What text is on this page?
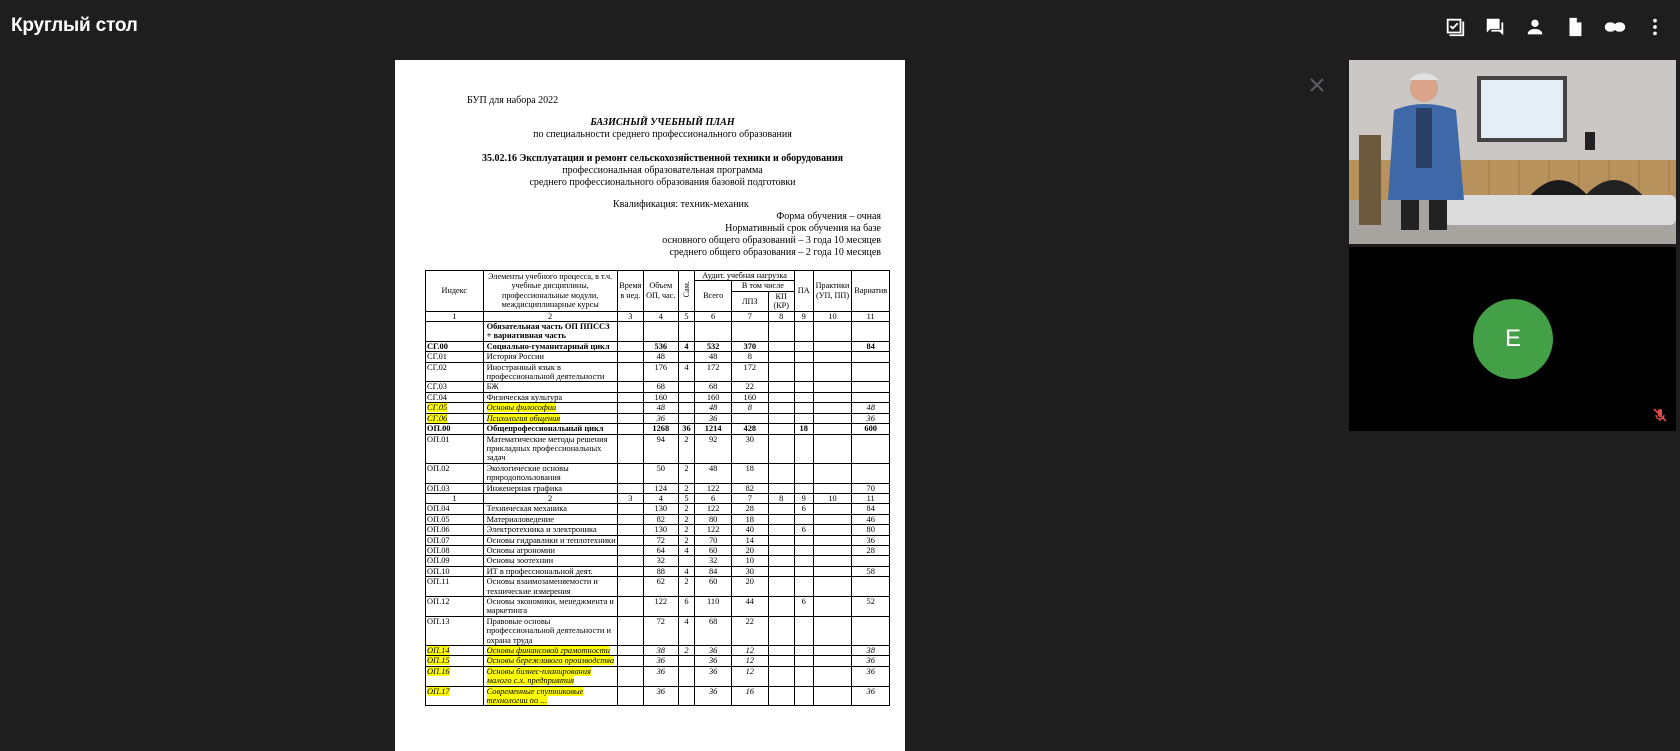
Круглый стол
БУП для набора 2022
БАЗИСНЫЙ УЧЕБНЫЙ ПЛАН
по специальности среднего профессионального образования
35.02.16 Эксплуатация и ремонт сельскохозяйственной техники и оборудования
профессиональная образовательная программа
среднего профессионального образования базовой подготовки
Квалификация: техник-механик
Форма обучения – очная
Нормативный срок обучения на базе
основного общего образований – 3 года 10 месяцев
среднего общего образования – 2 года 10 месяцев
Индекс	Элементы учебного процесса, в т.ч. учебные дисциплины, профессиональные модули, междисциплинарные курсы	Время в нед.	Объем ОП, час.	Сам.	Аудит. учебная нагрузка			ПА	Практики (УП, ПП)	Вариатив
					Всего	В том числе				
						ЛПЗ	КП (КР)			
1	2	3	4	5	6	7	8	9	10	11
	Обязательная часть ОП ППССЗ + вариативная часть									
СГ.00	Социально-гуманитарный цикл		536	4	532	370				84
СГ.01	История России		48		48	8				
СГ.02	Иностранный язык в профессиональной деятельности		176	4	172	172				
СГ.03	БЖ		68		68	22				
СГ.04	Физическая культура		160		160	160				
СГ.05	Основы философии		48		48	8				48
СГ.06	Психология общения		36		36					36
ОП.00	Общепрофессиональный цикл		1268	36	1214	428		18		600
ОП.01	Математические методы решения прикладных профессиональных задач		94	2	92	30				
ОП.02	Экологические основы природопользования		50	2	48	18				
ОП.03	Инженерная графика		124	2	122	82				70
1	2	3	4	5	6	7	8	9	10	11
ОП.04	Техническая механика		130	2	122	28		6		84
ОП.05	Материаловедение		82	2	80	18				46
ОП.06	Электротехника и электроника		130	2	122	40		6		80
ОП.07	Основы гидравлики и теплотехники		72	2	70	14				36
ОП.08	Основы агрономии		64	4	60	20				28
ОП.09	Основы зоотехнии		32		32	10				
ОП.10	ИТ в профессиональной деят.		88	4	84	30				58
ОП.11	Основы взаимозаменяемости и технические измерения		62	2	60	20				
ОП.12	Основы экономики, менеджмента и маркетинга		122	6	110	44		6		52
ОП.13	Правовые основы профессиональной деятельности и охрана труда		72	4	68	22				
ОП.14	Основы финансовой грамотности		38	2	36	12				38
ОП.15	Основы бережливого производства		36		36	12				36
ОП.16	Основы бизнес-планирования малого с.х. предприятия		36		36	12				36
ОП.17	Современные спутниковые технологии по ...		36		36	16				36
E
